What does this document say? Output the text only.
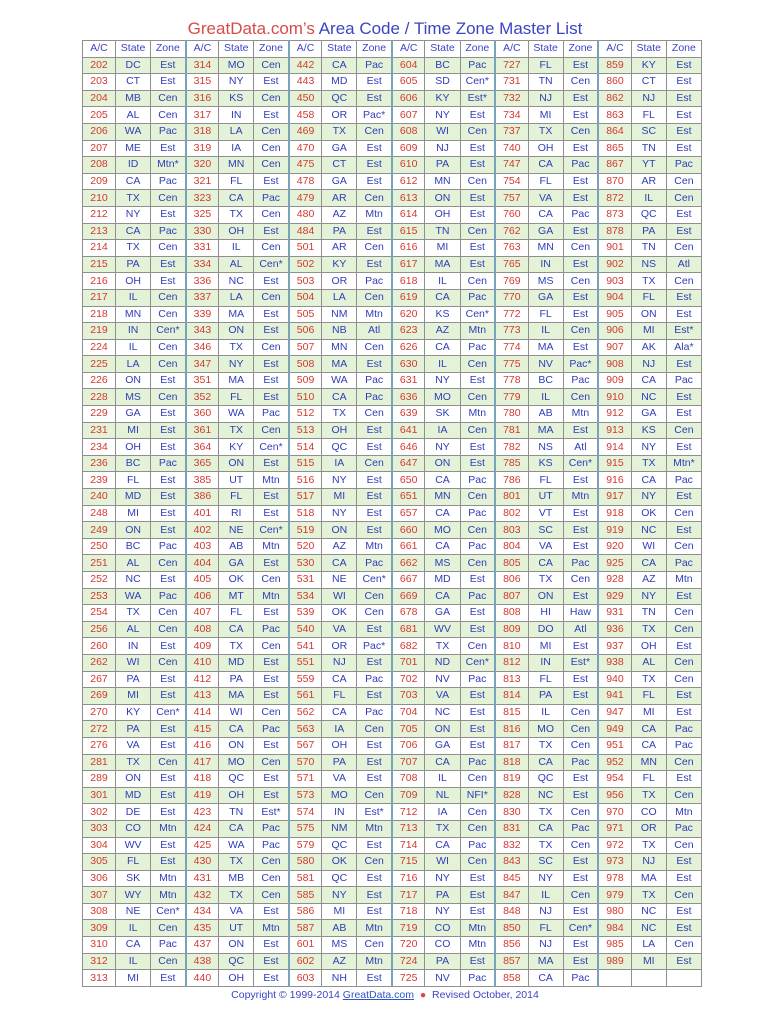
GreatData.com’s Area Code / Time Zone Master List
A/C	State	Zone	A/C	State	Zone	A/C	State	Zone	A/C	State	Zone	A/C	State	Zone	A/C	State	Zone
202	DC	Est	314	MO	Cen	442	CA	Pac	604	BC	Pac	727	FL	Est	859	KY	Est
203	CT	Est	315	NY	Est	443	MD	Est	605	SD	Cen*	731	TN	Cen	860	CT	Est
204	MB	Cen	316	KS	Cen	450	QC	Est	606	KY	Est*	732	NJ	Est	862	NJ	Est
205	AL	Cen	317	IN	Est	458	OR	Pac*	607	NY	Est	734	MI	Est	863	FL	Est
206	WA	Pac	318	LA	Cen	469	TX	Cen	608	WI	Cen	737	TX	Cen	864	SC	Est
207	ME	Est	319	IA	Cen	470	GA	Est	609	NJ	Est	740	OH	Est	865	TN	Est
208	ID	Mtn*	320	MN	Cen	475	CT	Est	610	PA	Est	747	CA	Pac	867	YT	Pac
209	CA	Pac	321	FL	Est	478	GA	Est	612	MN	Cen	754	FL	Est	870	AR	Cen
210	TX	Cen	323	CA	Pac	479	AR	Cen	613	ON	Est	757	VA	Est	872	IL	Cen
212	NY	Est	325	TX	Cen	480	AZ	Mtn	614	OH	Est	760	CA	Pac	873	QC	Est
213	CA	Pac	330	OH	Est	484	PA	Est	615	TN	Cen	762	GA	Est	878	PA	Est
214	TX	Cen	331	IL	Cen	501	AR	Cen	616	MI	Est	763	MN	Cen	901	TN	Cen
215	PA	Est	334	AL	Cen*	502	KY	Est	617	MA	Est	765	IN	Est	902	NS	Atl
216	OH	Est	336	NC	Est	503	OR	Pac	618	IL	Cen	769	MS	Cen	903	TX	Cen
217	IL	Cen	337	LA	Cen	504	LA	Cen	619	CA	Pac	770	GA	Est	904	FL	Est
218	MN	Cen	339	MA	Est	505	NM	Mtn	620	KS	Cen*	772	FL	Est	905	ON	Est
219	IN	Cen*	343	ON	Est	506	NB	Atl	623	AZ	Mtn	773	IL	Cen	906	MI	Est*
224	IL	Cen	346	TX	Cen	507	MN	Cen	626	CA	Pac	774	MA	Est	907	AK	Ala*
225	LA	Cen	347	NY	Est	508	MA	Est	630	IL	Cen	775	NV	Pac*	908	NJ	Est
226	ON	Est	351	MA	Est	509	WA	Pac	631	NY	Est	778	BC	Pac	909	CA	Pac
228	MS	Cen	352	FL	Est	510	CA	Pac	636	MO	Cen	779	IL	Cen	910	NC	Est
229	GA	Est	360	WA	Pac	512	TX	Cen	639	SK	Mtn	780	AB	Mtn	912	GA	Est
231	MI	Est	361	TX	Cen	513	OH	Est	641	IA	Cen	781	MA	Est	913	KS	Cen
234	OH	Est	364	KY	Cen*	514	QC	Est	646	NY	Est	782	NS	Atl	914	NY	Est
236	BC	Pac	365	ON	Est	515	IA	Cen	647	ON	Est	785	KS	Cen*	915	TX	Mtn*
239	FL	Est	385	UT	Mtn	516	NY	Est	650	CA	Pac	786	FL	Est	916	CA	Pac
240	MD	Est	386	FL	Est	517	MI	Est	651	MN	Cen	801	UT	Mtn	917	NY	Est
248	MI	Est	401	RI	Est	518	NY	Est	657	CA	Pac	802	VT	Est	918	OK	Cen
249	ON	Est	402	NE	Cen*	519	ON	Est	660	MO	Cen	803	SC	Est	919	NC	Est
250	BC	Pac	403	AB	Mtn	520	AZ	Mtn	661	CA	Pac	804	VA	Est	920	WI	Cen
251	AL	Cen	404	GA	Est	530	CA	Pac	662	MS	Cen	805	CA	Pac	925	CA	Pac
252	NC	Est	405	OK	Cen	531	NE	Cen*	667	MD	Est	806	TX	Cen	928	AZ	Mtn
253	WA	Pac	406	MT	Mtn	534	WI	Cen	669	CA	Pac	807	ON	Est	929	NY	Est
254	TX	Cen	407	FL	Est	539	OK	Cen	678	GA	Est	808	HI	Haw	931	TN	Cen
256	AL	Cen	408	CA	Pac	540	VA	Est	681	WV	Est	809	DO	Atl	936	TX	Cen
260	IN	Est	409	TX	Cen	541	OR	Pac*	682	TX	Cen	810	MI	Est	937	OH	Est
262	WI	Cen	410	MD	Est	551	NJ	Est	701	ND	Cen*	812	IN	Est*	938	AL	Cen
267	PA	Est	412	PA	Est	559	CA	Pac	702	NV	Pac	813	FL	Est	940	TX	Cen
269	MI	Est	413	MA	Est	561	FL	Est	703	VA	Est	814	PA	Est	941	FL	Est
270	KY	Cen*	414	WI	Cen	562	CA	Pac	704	NC	Est	815	IL	Cen	947	MI	Est
272	PA	Est	415	CA	Pac	563	IA	Cen	705	ON	Est	816	MO	Cen	949	CA	Pac
276	VA	Est	416	ON	Est	567	OH	Est	706	GA	Est	817	TX	Cen	951	CA	Pac
281	TX	Cen	417	MO	Cen	570	PA	Est	707	CA	Pac	818	CA	Pac	952	MN	Cen
289	ON	Est	418	QC	Est	571	VA	Est	708	IL	Cen	819	QC	Est	954	FL	Est
301	MD	Est	419	OH	Est	573	MO	Cen	709	NL	NFI*	828	NC	Est	956	TX	Cen
302	DE	Est	423	TN	Est*	574	IN	Est*	712	IA	Cen	830	TX	Cen	970	CO	Mtn
303	CO	Mtn	424	CA	Pac	575	NM	Mtn	713	TX	Cen	831	CA	Pac	971	OR	Pac
304	WV	Est	425	WA	Pac	579	QC	Est	714	CA	Pac	832	TX	Cen	972	TX	Cen
305	FL	Est	430	TX	Cen	580	OK	Cen	715	WI	Cen	843	SC	Est	973	NJ	Est
306	SK	Mtn	431	MB	Cen	581	QC	Est	716	NY	Est	845	NY	Est	978	MA	Est
307	WY	Mtn	432	TX	Cen	585	NY	Est	717	PA	Est	847	IL	Cen	979	TX	Cen
308	NE	Cen*	434	VA	Est	586	MI	Est	718	NY	Est	848	NJ	Est	980	NC	Est
309	IL	Cen	435	UT	Mtn	587	AB	Mtn	719	CO	Mtn	850	FL	Cen*	984	NC	Est
310	CA	Pac	437	ON	Est	601	MS	Cen	720	CO	Mtn	856	NJ	Est	985	LA	Cen
312	IL	Cen	438	QC	Est	602	AZ	Mtn	724	PA	Est	857	MA	Est	989	MI	Est
313	MI	Est	440	OH	Est	603	NH	Est	725	NV	Pac	858	CA	Pac			
Copyright © 1999-2014 GreatData.com ● Revised October, 2014
